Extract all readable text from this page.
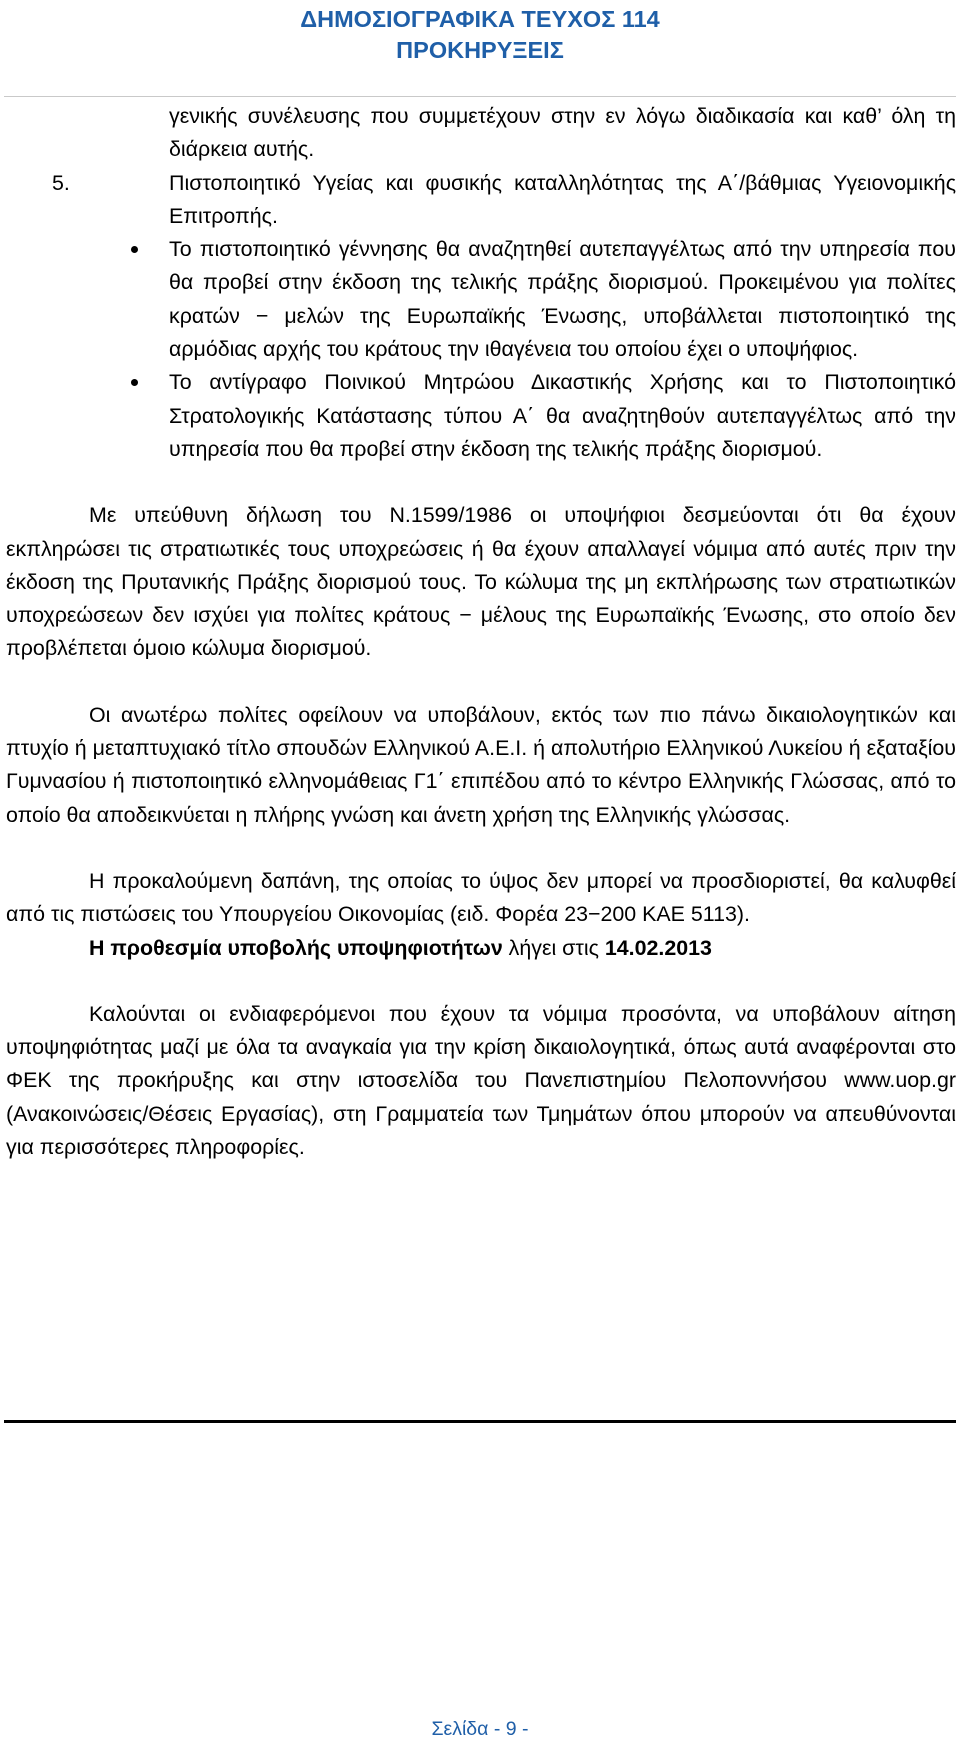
ΔΗΜΟΣΙΟΓΡΑΦΙΚΑ ΤΕΥΧΟΣ 114
ΠΡΟΚΗΡΥΞΕΙΣ

γενικής συνέλευσης που συμμετέχουν στην εν λόγω διαδικασία και καθ’ όλη τη διάρκεια αυτής.

5.	Πιστοποιητικό Υγείας και φυσικής καταλληλότητας της Α΄/βάθμιας Υγειονομικής Επιτροπής.

Το πιστοποιητικό γέννησης θα αναζητηθεί αυτεπαγγέλτως από την υπηρεσία που θα προβεί στην έκδοση της τελικής πράξης διορισμού. Προκειμένου για πολίτες κρατών − μελών της Ευρωπαϊκής Ένωσης, υποβάλλεται πιστοποιητικό της αρμόδιας αρχής του κράτους την ιθαγένεια του οποίου έχει ο υποψήφιος.

Το αντίγραφο Ποινικού Μητρώου Δικαστικής Χρήσης και το Πιστοποιητικό Στρατολογικής Κατάστασης τύπου Α΄ θα αναζητηθούν αυτεπαγγέλτως από την υπηρεσία που θα προβεί στην έκδοση της τελικής πράξης διορισμού.

Με υπεύθυνη δήλωση του Ν.1599/1986 οι υποψήφιοι δεσμεύονται ότι θα έχουν εκπληρώσει τις στρατιωτικές τους υποχρεώσεις ή θα έχουν απαλλαγεί νόμιμα από αυτές πριν την έκδοση της Πρυτανικής Πράξης διορισμού τους. Το κώλυμα της μη εκπλήρωσης των στρατιωτικών υποχρεώσεων δεν ισχύει για πολίτες κράτους − μέλους της Ευρωπαϊκής Ένωσης, στο οποίο δεν προβλέπεται όμοιο κώλυμα διορισμού.

Οι ανωτέρω πολίτες οφείλουν να υποβάλουν, εκτός των πιο πάνω δικαιολογητικών και πτυχίο ή μεταπτυχιακό τίτλο σπουδών Ελληνικού Α.Ε.Ι. ή απολυτήριο Ελληνικού Λυκείου ή εξαταξίου Γυμνασίου ή πιστοποιητικό ελληνομάθειας Γ1΄ επιπέδου από το κέντρο Ελληνικής Γλώσσας, από το οποίο θα αποδεικνύεται η πλήρης γνώση και άνετη χρήση της Ελληνικής γλώσσας.

Η προκαλούμενη δαπάνη, της οποίας το ύψος δεν μπορεί να προσδιοριστεί, θα καλυφθεί από τις πιστώσεις του Υπουργείου Οικονομίας (ειδ. Φορέα 23−200 ΚΑΕ 5113).

Η προθεσμία υποβολής υποψηφιοτήτων λήγει στις 14.02.2013

Καλούνται οι ενδιαφερόμενοι που έχουν τα νόμιμα προσόντα, να υποβάλουν αίτηση υποψηφιότητας μαζί με όλα τα αναγκαία για την κρίση δικαιολογητικά, όπως αυτά αναφέρονται στο ΦΕΚ της προκήρυξης και στην ιστοσελίδα του Πανεπιστημίου Πελοποννήσου www.uop.gr (Ανακοινώσεις/Θέσεις Εργασίας), στη Γραμματεία των Τμημάτων όπου μπορούν να απευθύνονται για περισσότερες πληροφορίες.

Σελίδα - 9 -
